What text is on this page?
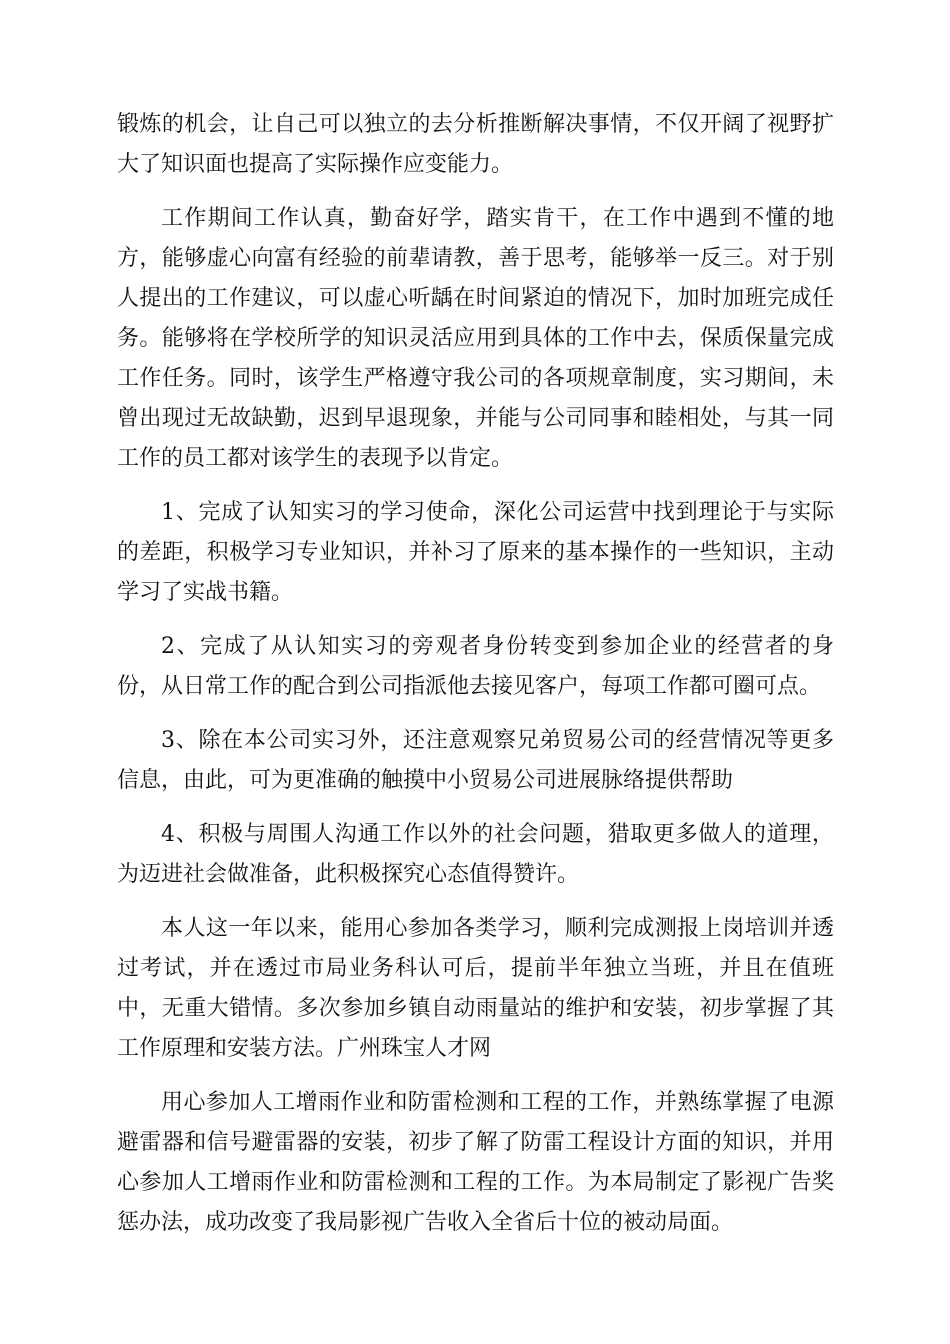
锻炼的机会，让自己可以独立的去分析推断解决事情，不仅开阔了视野扩大了知识面也提高了实际操作应变能力。

工作期间工作认真，勤奋好学，踏实肯干，在工作中遇到不懂的地方，能够虚心向富有经验的前辈请教，善于思考，能够举一反三。对于别人提出的工作建议，可以虚心听龋在时间紧迫的情况下，加时加班完成任务。能够将在学校所学的知识灵活应用到具体的工作中去，保质保量完成工作任务。同时，该学生严格遵守我公司的各项规章制度，实习期间，未曾出现过无故缺勤，迟到早退现象，并能与公司同事和睦相处，与其一同工作的员工都对该学生的表现予以肯定。

1、完成了认知实习的学习使命，深化公司运营中找到理论于与实际的差距，积极学习专业知识，并补习了原来的基本操作的一些知识，主动学习了实战书籍。

2、完成了从认知实习的旁观者身份转变到参加企业的经营者的身份，从日常工作的配合到公司指派他去接见客户，每项工作都可圈可点。

3、除在本公司实习外，还注意观察兄弟贸易公司的经营情况等更多信息，由此，可为更准确的触摸中小贸易公司进展脉络提供帮助

4、积极与周围人沟通工作以外的社会问题，猎取更多做人的道理，为迈进社会做准备，此积极探究心态值得赞许。

本人这一年以来，能用心参加各类学习，顺利完成测报上岗培训并透过考试，并在透过市局业务科认可后，提前半年独立当班，并且在值班中，无重大错情。多次参加乡镇自动雨量站的维护和安装，初步掌握了其工作原理和安装方法。广州珠宝人才网

用心参加人工增雨作业和防雷检测和工程的工作，并熟练掌握了电源避雷器和信号避雷器的安装，初步了解了防雷工程设计方面的知识，并用心参加人工增雨作业和防雷检测和工程的工作。为本局制定了影视广告奖惩办法，成功改变了我局影视广告收入全省后十位的被动局面。
